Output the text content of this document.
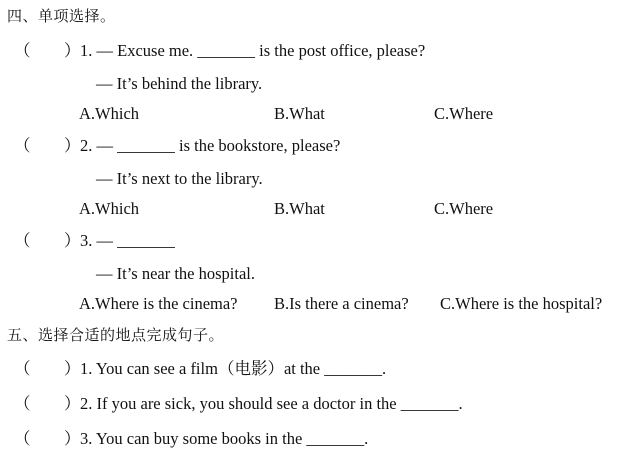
四、单项选择。
（ ） 1. — Excuse me. _______ is the post office, please?
— It’s behind the library.
A.Which	B.What	C.Where
（ ） 2. — _______ is the bookstore, please?
— It’s next to the library.
A.Which	B.What	C.Where
（ ） 3. — _______
— It’s near the hospital.
A.Where is the cinema? B.Is there a cinema? C.Where is the hospital?
五、选择合适的地点完成句子。
（ ） 1. You can see a film（电影）at the _______.
（ ） 2. If you are sick, you should see a doctor in the _______.
（ ） 3. You can buy some books in the _______.
